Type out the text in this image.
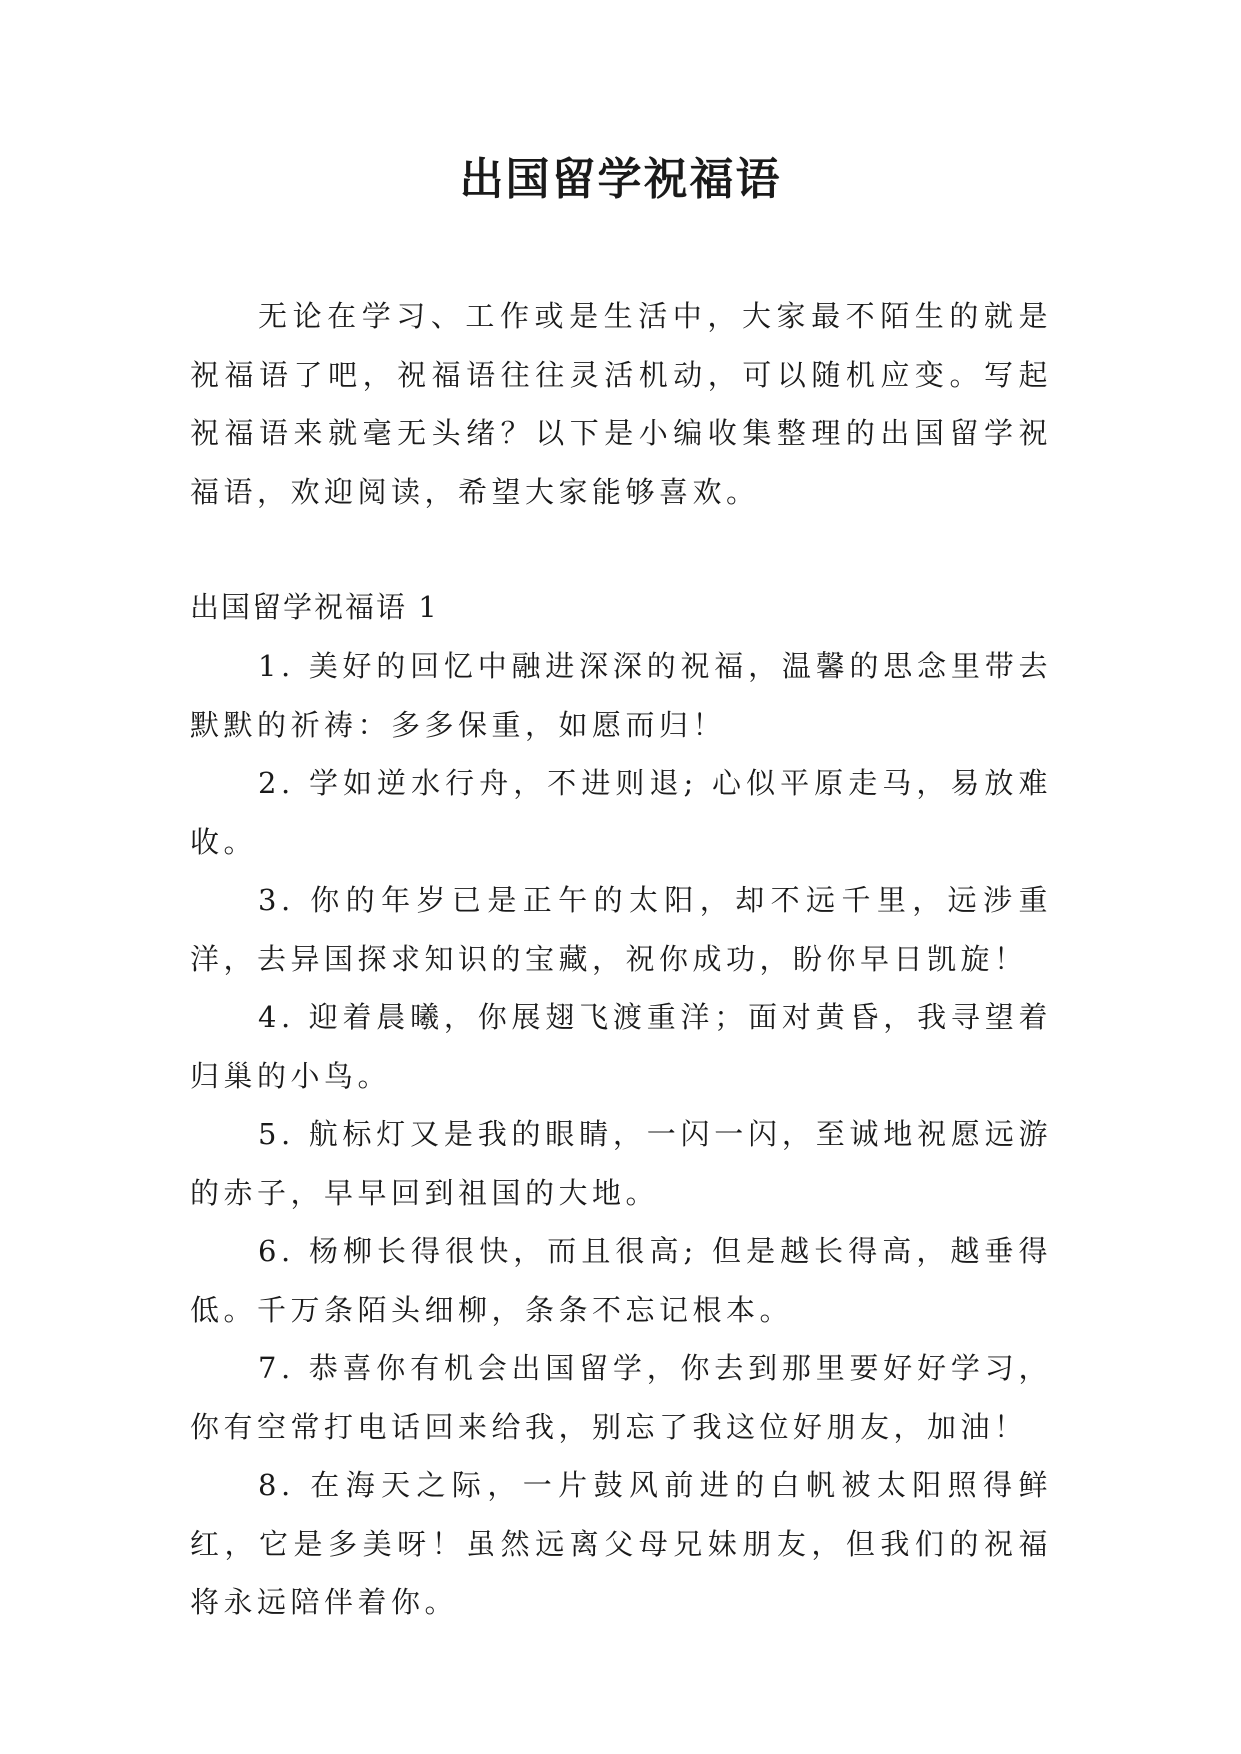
出国留学祝福语

无论在学习、工作或是生活中，大家最不陌生的就是祝福语了吧，祝福语往往灵活机动，可以随机应变。写起祝福语来就毫无头绪？以下是小编收集整理的出国留学祝福语，欢迎阅读，希望大家能够喜欢。

出国留学祝福语 1
1. 美好的回忆中融进深深的祝福，温馨的思念里带去默默的祈祷：多多保重，如愿而归！
2. 学如逆水行舟，不进则退; 心似平原走马，易放难收。
3. 你的年岁已是正午的太阳，却不远千里，远涉重洋，去异国探求知识的宝藏，祝你成功，盼你早日凯旋！
4. 迎着晨曦，你展翅飞渡重洋；面对黄昏，我寻望着归巢的小鸟。
5. 航标灯又是我的眼睛，一闪一闪，至诚地祝愿远游的赤子，早早回到祖国的大地。
6. 杨柳长得很快，而且很高; 但是越长得高，越垂得低。千万条陌头细柳，条条不忘记根本。
7. 恭喜你有机会出国留学，你去到那里要好好学习，你有空常打电话回来给我，别忘了我这位好朋友，加油！
8. 在海天之际，一片鼓风前进的白帆被太阳照得鲜红，它是多美呀！虽然远离父母兄妹朋友，但我们的祝福将永远陪伴着你。
